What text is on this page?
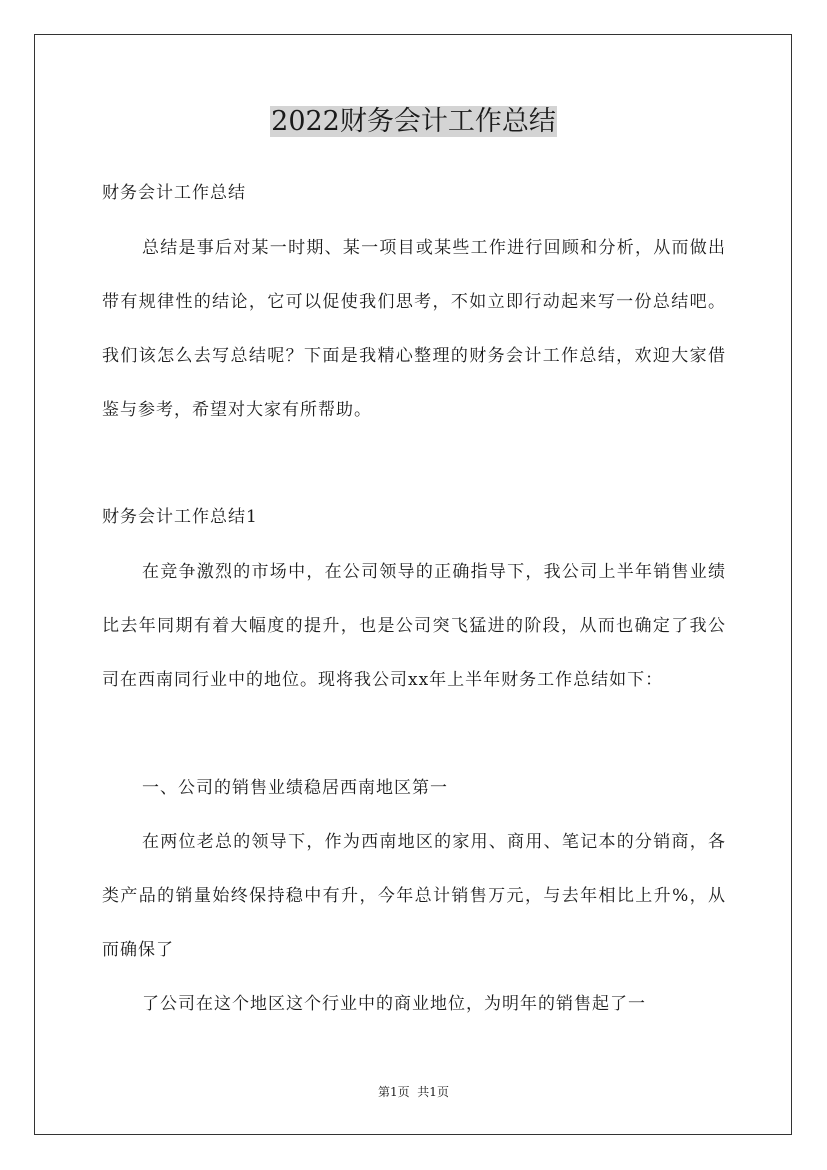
2022财务会计工作总结

财务会计工作总结

总结是事后对某一时期、某一项目或某些工作进行回顾和分析，从而做出带有规律性的结论，它可以促使我们思考，不如立即行动起来写一份总结吧。我们该怎么去写总结呢？下面是我精心整理的财务会计工作总结，欢迎大家借鉴与参考，希望对大家有所帮助。

财务会计工作总结1

在竞争激烈的市场中，在公司领导的正确指导下，我公司上半年销售业绩比去年同期有着大幅度的提升，也是公司突飞猛进的阶段，从而也确定了我公司在西南同行业中的地位。现将我公司xx年上半年财务工作总结如下：

一、公司的销售业绩稳居西南地区第一

在两位老总的领导下，作为西南地区的家用、商用、笔记本的分销商，各类产品的销量始终保持稳中有升，今年总计销售万元，与去年相比上升%，从而确保了

了公司在这个地区这个行业中的商业地位，为明年的销售起了一

第1页  共1页
